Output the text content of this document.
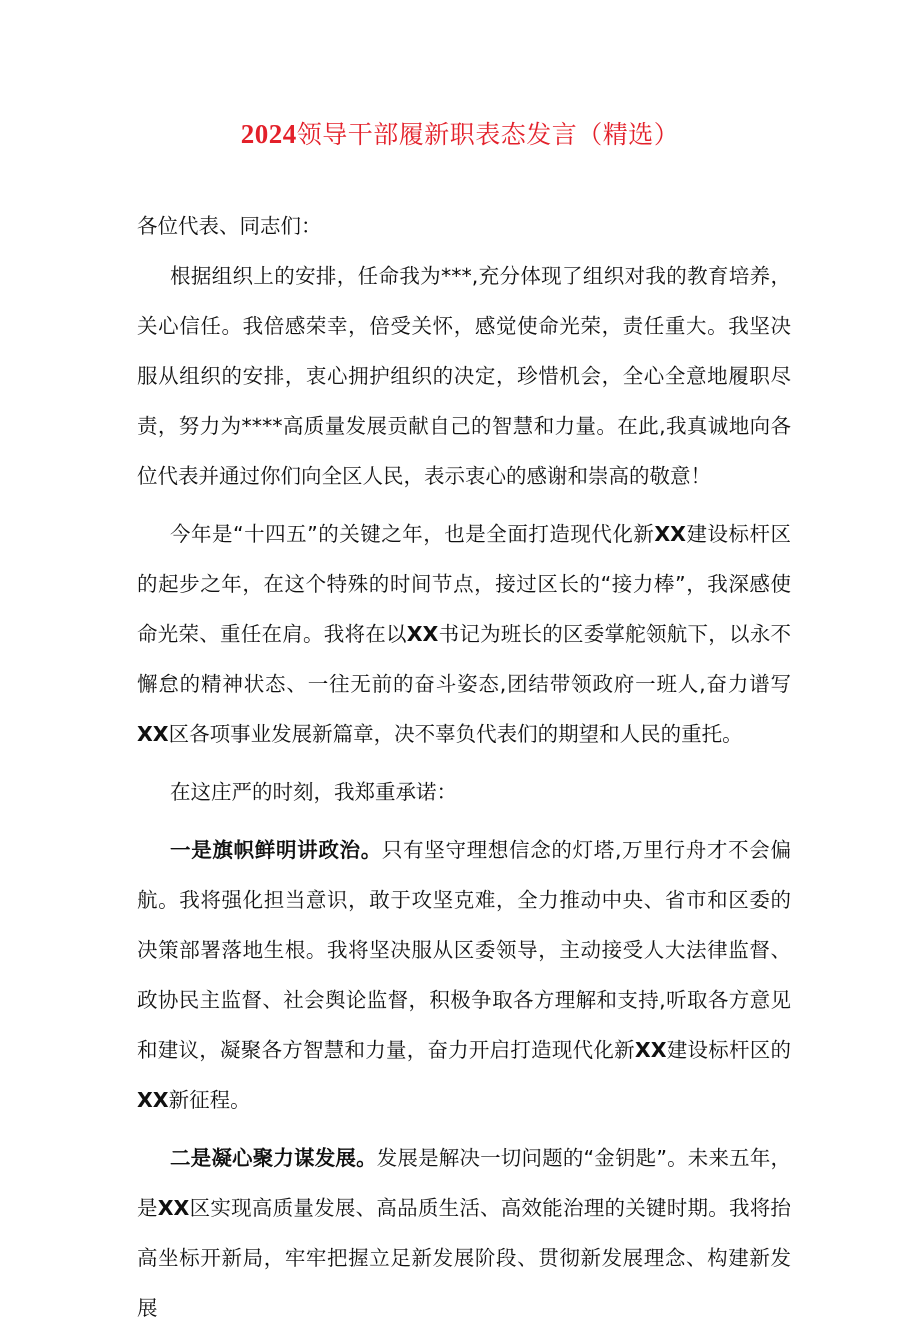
2024领导干部履新职表态发言（精选）

各位代表、同志们：

根据组织上的安排，任命我为***,充分体现了组织对我的教育培养，关心信任。我倍感荣幸，倍受关怀，感觉使命光荣，责任重大。我坚决服从组织的安排，衷心拥护组织的决定，珍惜机会，全心全意地履职尽责，努力为****高质量发展贡献自己的智慧和力量。在此,我真诚地向各位代表并通过你们向全区人民，表示衷心的感谢和崇高的敬意！

今年是“十四五”的关键之年，也是全面打造现代化新XX建设标杆区的起步之年，在这个特殊的时间节点，接过区长的“接力棒”，我深感使命光荣、重任在肩。我将在以XX书记为班长的区委掌舵领航下，以永不懈怠的精神状态、一往无前的奋斗姿态,团结带领政府一班人,奋力谱写XX区各项事业发展新篇章，决不辜负代表们的期望和人民的重托。

在这庄严的时刻，我郑重承诺：

一是旗帜鲜明讲政治。只有坚守理想信念的灯塔,万里行舟才不会偏航。我将强化担当意识，敢于攻坚克难，全力推动中央、省市和区委的决策部署落地生根。我将坚决服从区委领导，主动接受人大法律监督、政协民主监督、社会舆论监督，积极争取各方理解和支持,听取各方意见和建议，凝聚各方智慧和力量，奋力开启打造现代化新XX建设标杆区的XX新征程。

二是凝心聚力谋发展。发展是解决一切问题的“金钥匙”。未来五年，是XX区实现高质量发展、高品质生活、高效能治理的关键时期。我将抬高坐标开新局，牢牢把握立足新发展阶段、贯彻新发展理念、构建新发展
